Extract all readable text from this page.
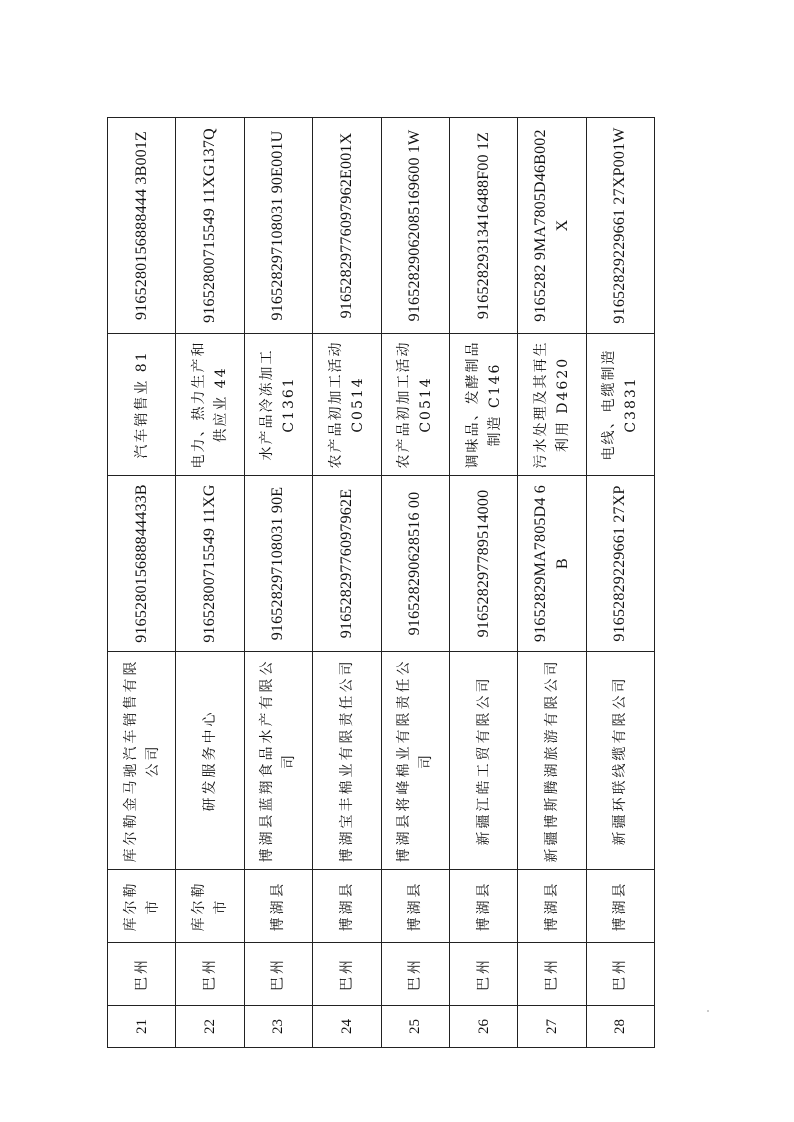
21	巴州	库尔勒市	库尔勒金马驰汽车销售有限公司	916528015688844433B	汽车销售业 81	9165280156888444 3B001Z
22	巴州	库尔勒市	研发服务中心	91652800715549 11XG	电力、热力生产和供应业 44	91652800715549 11XG137Q
23	巴州	博湖县	博湖县蓝翔食品水产有限公司	916528297108031 90E	水产品冷冻加工 C1361	916528297108031 90E001U
24	巴州	博湖县	博湖宝丰棉业有限责任公司	91652829776097962E	农产品初加工活动 C0514	91652829776097962E001X
25	巴州	博湖县	博湖县将峰棉业有限责任公司	916528290628516 00	农产品初加工活动 C0514	91652829062085169600 1W
26	巴州	博湖县	新疆江皓工贸有限公司	916528297789514000	调味品、发酵制品制造 C146	91652829313416488F00 1Z
27	巴州	博湖县	新疆博斯腾湖旅游有限公司	91652829MA7805D4 6B	污水处理及其再生利用 D4620	9165282 9MA7805D46B002X
28	巴州	博湖县	新疆环联线缆有限公司	91652829229661 27XP	电线、电缆制造 C3831	91652829229661 27XP001W
